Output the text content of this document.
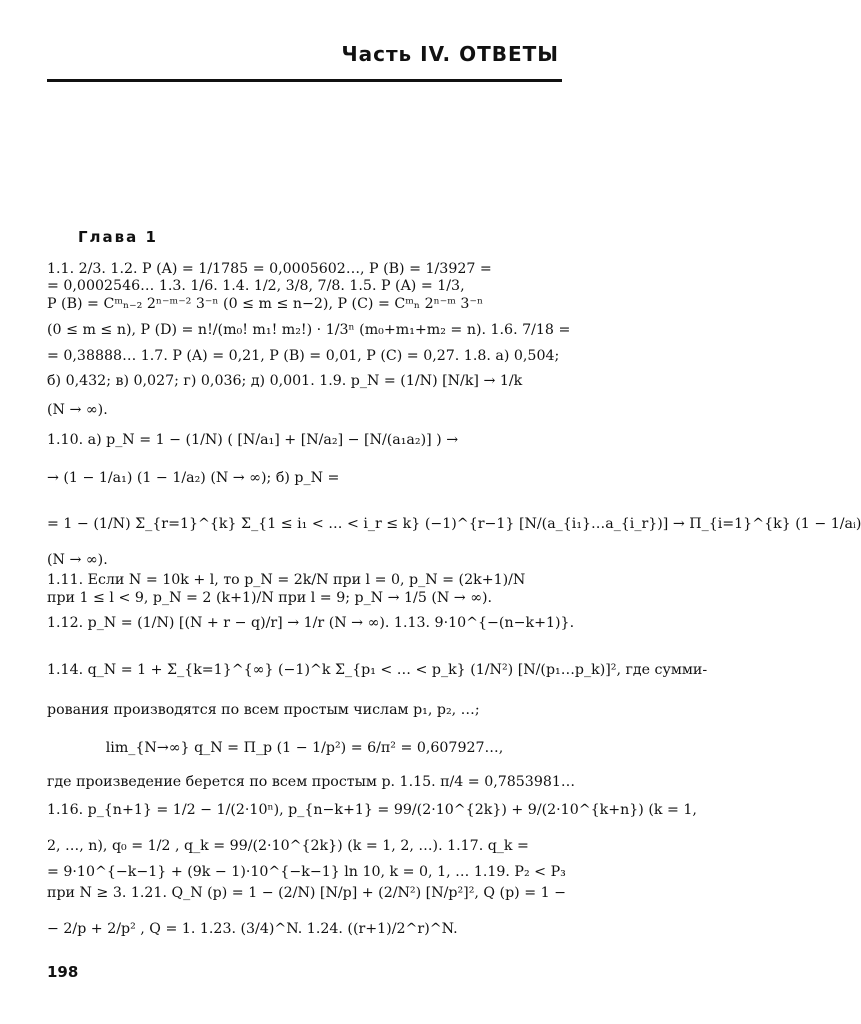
Часть IV. ОТВЕТЫ
Глава 1
1.1. 2/3. 1.2. P (A) = 1/1785 = 0,0005602…, P (B) = 1/3927 =
= 0,0002546… 1.3. 1/6. 1.4. 1/2, 3/8, 7/8. 1.5. P (A) = 1/3,
P (B) = Cᵐₙ₋₂ 2ⁿ⁻ᵐ⁻² 3⁻ⁿ (0 ≤ m ≤ n−2), P (C) = Cᵐₙ 2ⁿ⁻ᵐ 3⁻ⁿ
(0 ≤ m ≤ n), P (D) = n!/(m₀! m₁! m₂!) · 1/3ⁿ (m₀+m₁+m₂ = n). 1.6. 7/18 =
= 0,38888… 1.7. P (A) = 0,21, P (B) = 0,01, P (C) = 0,27. 1.8. а) 0,504;
б) 0,432; в) 0,027; г) 0,036; д) 0,001. 1.9. p_N = (1/N) [N/k] → 1/k
(N → ∞).
1.10. а) p_N = 1 − (1/N) ( [N/a₁] + [N/a₂] − [N/(a₁a₂)] ) →
→ (1 − 1/a₁) (1 − 1/a₂) (N → ∞); б) p_N =
= 1 − (1/N) Σ_{r=1}^{k} Σ_{1 ≤ i₁ < … < i_r ≤ k} (−1)^{r−1} [N/(a_{i₁}…a_{i_r})] → Π_{i=1}^{k} (1 − 1/aᵢ)
(N → ∞).
1.11. Если N = 10k + l, то p_N = 2k/N при l = 0, p_N = (2k+1)/N
при 1 ≤ l < 9, p_N = 2 (k+1)/N при l = 9; p_N → 1/5 (N → ∞).
1.12. p_N = (1/N) [(N + r − q)/r] → 1/r (N → ∞). 1.13. 9·10^{−(n−k+1)}.
1.14. q_N = 1 + Σ_{k=1}^{∞} (−1)^k Σ_{p₁ < … < p_k} (1/N²) [N/(p₁…p_k)]², где сумми-
рования производятся по всем простым числам p₁, p₂, …;
lim_{N→∞} q_N = Π_p (1 − 1/p²) = 6/π² = 0,607927…,
где произведение берется по всем простым p. 1.15. π/4 = 0,7853981…
1.16. p_{n+1} = 1/2 − 1/(2·10ⁿ), p_{n−k+1} = 99/(2·10^{2k}) + 9/(2·10^{k+n}) (k = 1,
2, …, n), q₀ = 1/2 , q_k = 99/(2·10^{2k}) (k = 1, 2, …). 1.17. q_k =
= 9·10^{−k−1} + (9k − 1)·10^{−k−1} ln 10, k = 0, 1, … 1.19. P₂ < P₃
при N ≥ 3. 1.21. Q_N (p) = 1 − (2/N) [N/p] + (2/N²) [N/p²]², Q (p) = 1 −
− 2/p + 2/p² , Q = 1. 1.23. (3/4)^N. 1.24. ((r+1)/2^r)^N.
198
